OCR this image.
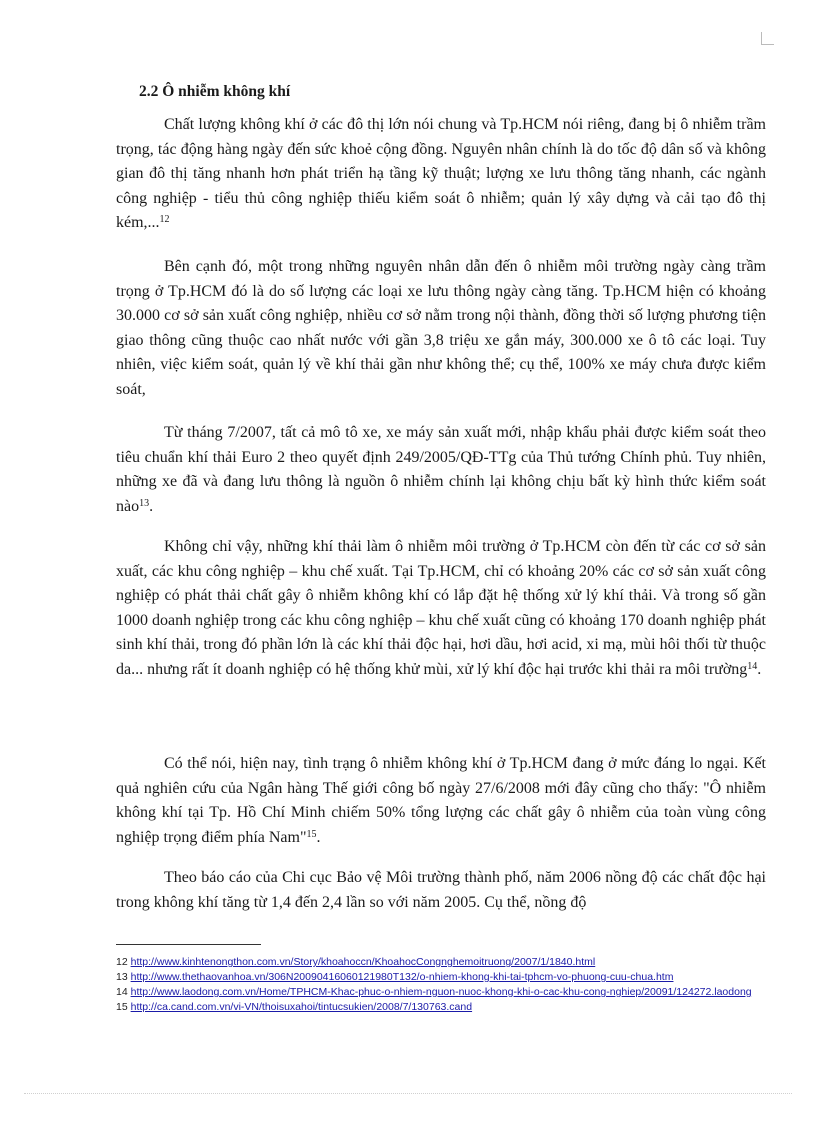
2.2 Ô nhiễm không khí

Chất lượng không khí ở các đô thị lớn nói chung và Tp.HCM nói riêng, đang bị ô nhiễm trầm trọng, tác động hàng ngày đến sức khoẻ cộng đồng. Nguyên nhân chính là do tốc độ dân số và không gian đô thị tăng nhanh hơn phát triển hạ tầng kỹ thuật; lượng xe lưu thông tăng nhanh, các ngành công nghiệp - tiểu thủ công nghiệp thiếu kiểm soát ô nhiễm; quản lý xây dựng và cải tạo đô thị kém,...$^{12}$

Bên cạnh đó, một trong những nguyên nhân dẫn đến ô nhiễm môi trường ngày càng trầm trọng ở Tp.HCM đó là do số lượng các loại xe lưu thông ngày càng tăng. Tp.HCM hiện có khoảng 30.000 cơ sở sản xuất công nghiệp, nhiều cơ sở nằm trong nội thành, đồng thời số lượng phương tiện giao thông cũng thuộc cao nhất nước với gần 3,8 triệu xe gắn máy, 300.000 xe ô tô các loại. Tuy nhiên, việc kiểm soát, quản lý về khí thải gần như không thể; cụ thể, 100% xe máy chưa được kiểm soát,

Từ tháng 7/2007, tất cả mô tô xe, xe máy sản xuất mới, nhập khẩu phải được kiểm soát theo tiêu chuẩn khí thải Euro 2 theo quyết định 249/2005/QĐ-TTg của Thủ tướng Chính phủ. Tuy nhiên, những xe đã và đang lưu thông là nguồn ô nhiễm chính lại không chịu bất kỳ hình thức kiểm soát nào$^{13}$.

Không chỉ vậy, những khí thải làm ô nhiễm môi trường ở Tp.HCM còn đến từ các cơ sở sản xuất, các khu công nghiệp – khu chế xuất. Tại Tp.HCM, chỉ có khoảng 20% các cơ sở sản xuất công nghiệp có phát thải chất gây ô nhiễm không khí có lắp đặt hệ thống xử lý khí thải. Và trong số gần 1000 doanh nghiệp trong các khu công nghiệp – khu chế xuất cũng có khoảng 170 doanh nghiệp phát sinh khí thải, trong đó phần lớn là các khí thải độc hại, hơi dầu, hơi acid, xi mạ, mùi hôi thối từ thuộc da... nhưng rất ít doanh nghiệp có hệ thống khử mùi, xử lý khí độc hại trước khi thải ra môi trường$^{14}$.

Có thể nói, hiện nay, tình trạng ô nhiễm không khí ở Tp.HCM đang ở mức đáng lo ngại. Kết quả nghiên cứu của Ngân hàng Thế giới công bố ngày 27/6/2008 mới đây cũng cho thấy: "Ô nhiễm không khí tại Tp. Hồ Chí Minh chiếm 50% tổng lượng các chất gây ô nhiễm của toàn vùng công nghiệp trọng điểm phía Nam"$^{15}$.

Theo báo cáo của Chi cục Bảo vệ Môi trường thành phố, năm 2006 nồng độ các chất độc hại trong không khí tăng từ 1,4 đến 2,4 lần so với năm 2005. Cụ thể, nồng độ

12 http://www.kinhtenongthon.com.vn/Story/khoahoccn/KhoahocCongnghemoitruong/2007/1/1840.html

13 http://www.thethaovanhoa.vn/306N20090416060121980T132/o-nhiem-khong-khi-tai-tphcm-vo-phuong-cuu-chua.htm

14 http://www.laodong.com.vn/Home/TPHCM-Khac-phuc-o-nhiem-nguon-nuoc-khong-khi-o-cac-khu-cong-nghiep/20091/124272.laodong

15 http://ca.cand.com.vn/vi-VN/thoisuxahoi/tintucsukien/2008/7/130763.cand
